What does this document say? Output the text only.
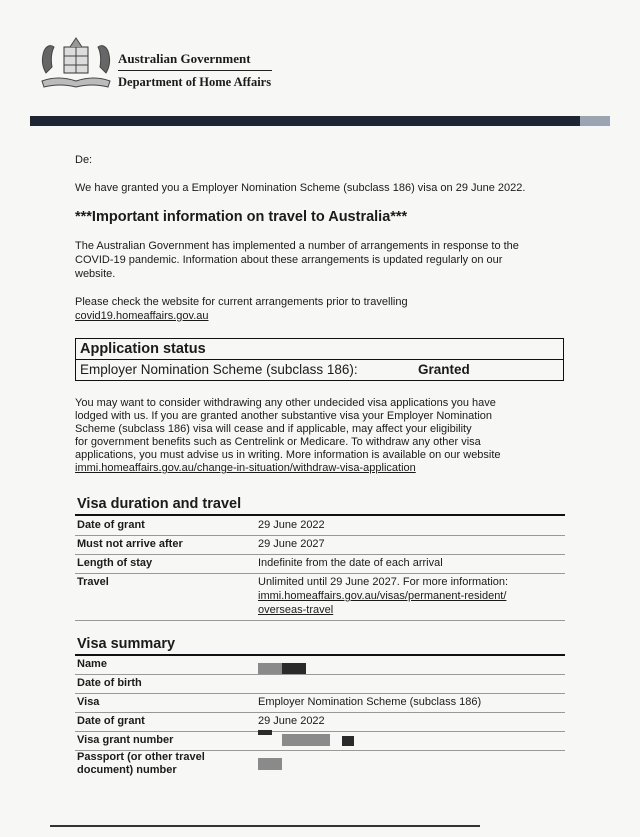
Australian Government
Department of Home Affairs
De:
We have granted you a Employer Nomination Scheme (subclass 186) visa on 29 June 2022.
***Important information on travel to Australia***
The Australian Government has implemented a number of arrangements in response to the
COVID-19 pandemic. Information about these arrangements is updated regularly on our
website.
Please check the website for current arrangements prior to travelling
covid19.homeaffairs.gov.au
Application status
Employer Nomination Scheme (subclass 186):	Granted
You may want to consider withdrawing any other undecided visa applications you have
lodged with us. If you are granted another substantive visa your Employer Nomination
Scheme (subclass 186) visa will cease and if applicable, may affect your eligibility
for government benefits such as Centrelink or Medicare. To withdraw any other visa
applications, you must advise us in writing. More information is available on our website
immi.homeaffairs.gov.au/change-in-situation/withdraw-visa-application
Visa duration and travel
Date of grant	29 June 2022
Must not arrive after	29 June 2027
Length of stay	Indefinite from the date of each arrival
Travel	Unlimited until 29 June 2027. For more information:
immi.homeaffairs.gov.au/visas/permanent-resident/
overseas-travel
Visa summary
Name
Date of birth
Visa	Employer Nomination Scheme (subclass 186)
Date of grant	29 June 2022
Visa grant number
Passport (or other travel
document) number
